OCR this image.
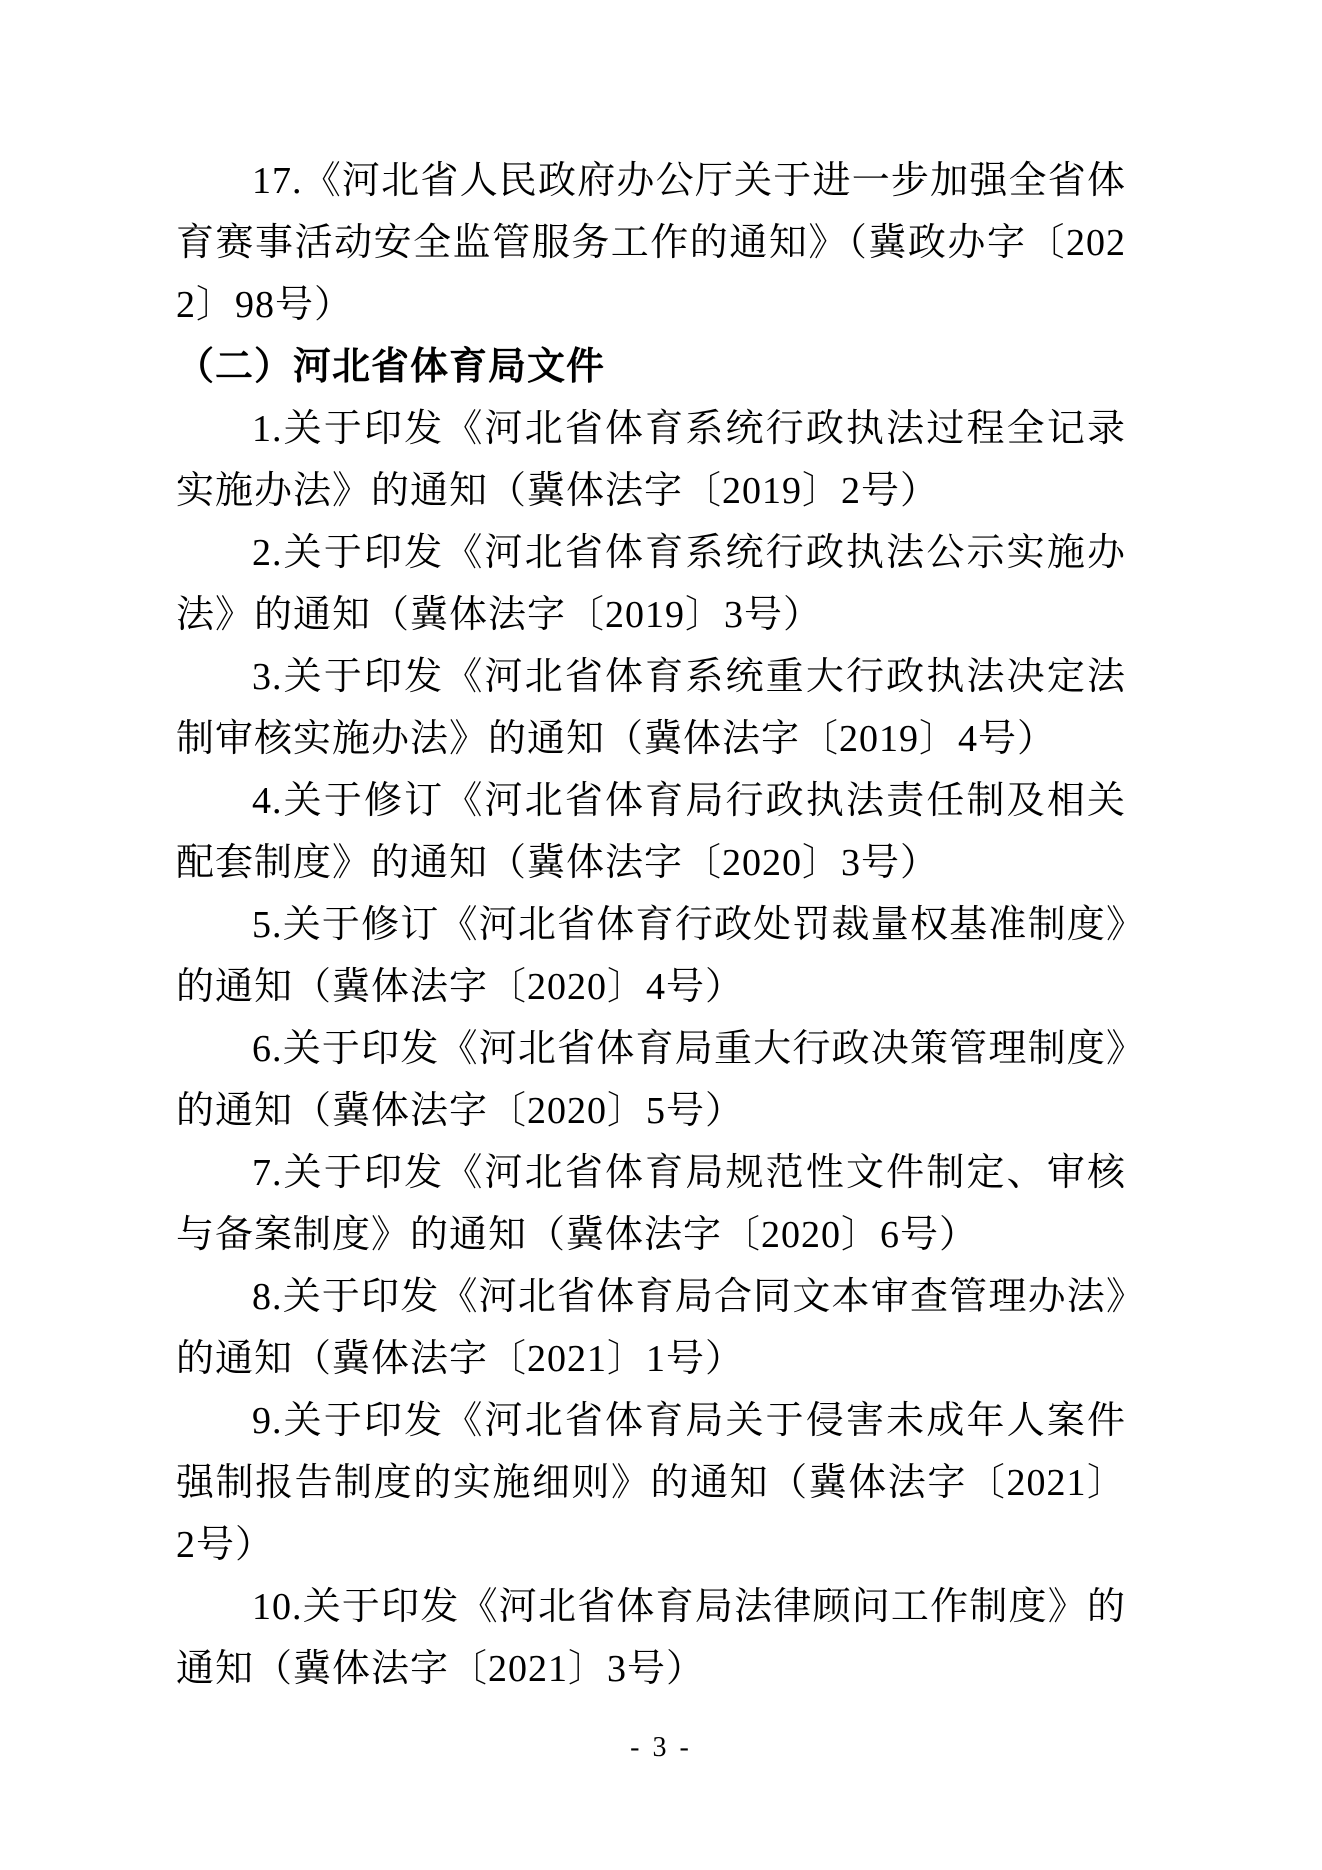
17.《河北省人民政府办公厅关于进一步加强全省体育赛事活动安全监管服务工作的通知》（冀政办字〔2022〕98号）

（二）河北省体育局文件

1.关于印发《河北省体育系统行政执法过程全记录实施办法》的通知（冀体法字〔2019〕2号）

2.关于印发《河北省体育系统行政执法公示实施办法》的通知（冀体法字〔2019〕3号）

3.关于印发《河北省体育系统重大行政执法决定法制审核实施办法》的通知（冀体法字〔2019〕4号）

4.关于修订《河北省体育局行政执法责任制及相关配套制度》的通知（冀体法字〔2020〕3号）

5.关于修订《河北省体育行政处罚裁量权基准制度》的通知（冀体法字〔2020〕4号）

6.关于印发《河北省体育局重大行政决策管理制度》的通知（冀体法字〔2020〕5号）

7.关于印发《河北省体育局规范性文件制定、审核与备案制度》的通知（冀体法字〔2020〕6号）

8.关于印发《河北省体育局合同文本审查管理办法》的通知（冀体法字〔2021〕1号）

9.关于印发《河北省体育局关于侵害未成年人案件强制报告制度的实施细则》的通知（冀体法字〔2021〕2号）

10.关于印发《河北省体育局法律顾问工作制度》的通知（冀体法字〔2021〕3号）

- 3 -
